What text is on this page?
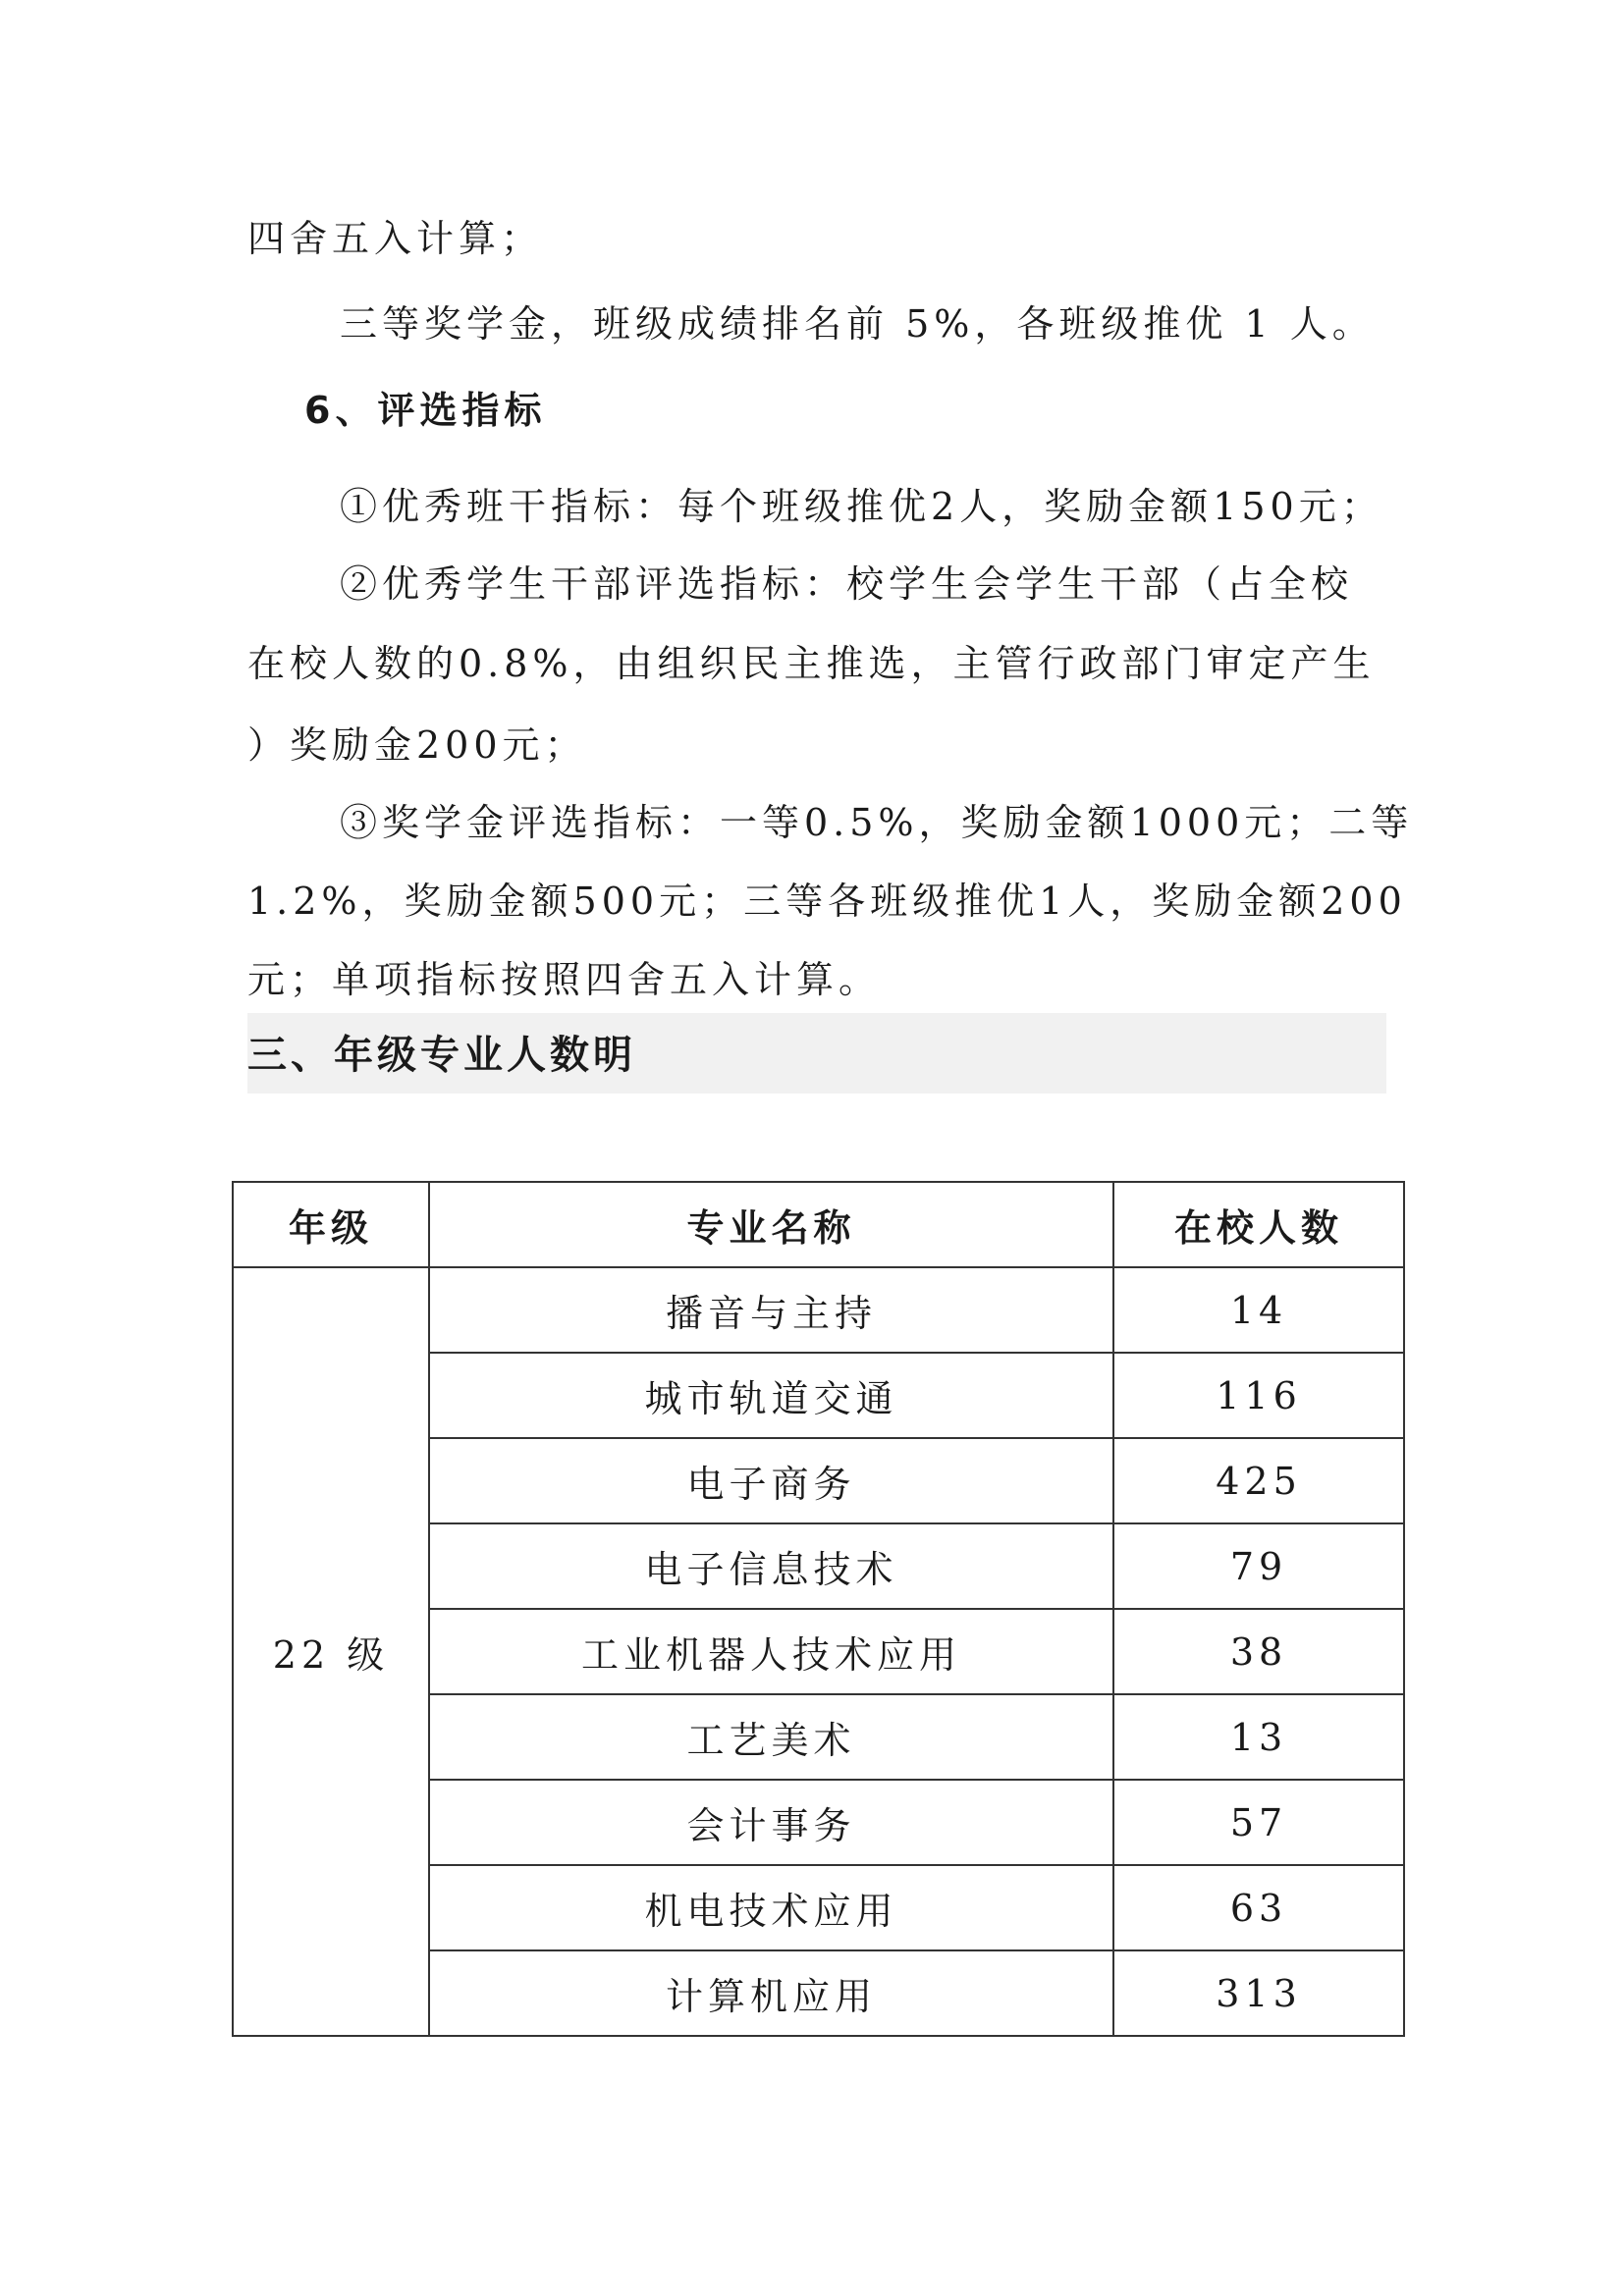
四舍五入计算；
三等奖学金，班级成绩排名前 5%，各班级推优 1 人。
6、评选指标
①优秀班干指标：每个班级推优2人，奖励金额150元；
②优秀学生干部评选指标：校学生会学生干部（占全校
在校人数的0.8%，由组织民主推选，主管行政部门审定产生
）奖励金200元；
③奖学金评选指标：一等0.5%，奖励金额1000元；二等
1.2%，奖励金额500元；三等各班级推优1人，奖励金额200
元；单项指标按照四舍五入计算。
三、年级专业人数明
年级	专业名称	在校人数
22 级	播音与主持	14
	城市轨道交通	116
	电子商务	425
	电子信息技术	79
	工业机器人技术应用	38
	工艺美术	13
	会计事务	57
	机电技术应用	63
	计算机应用	313
